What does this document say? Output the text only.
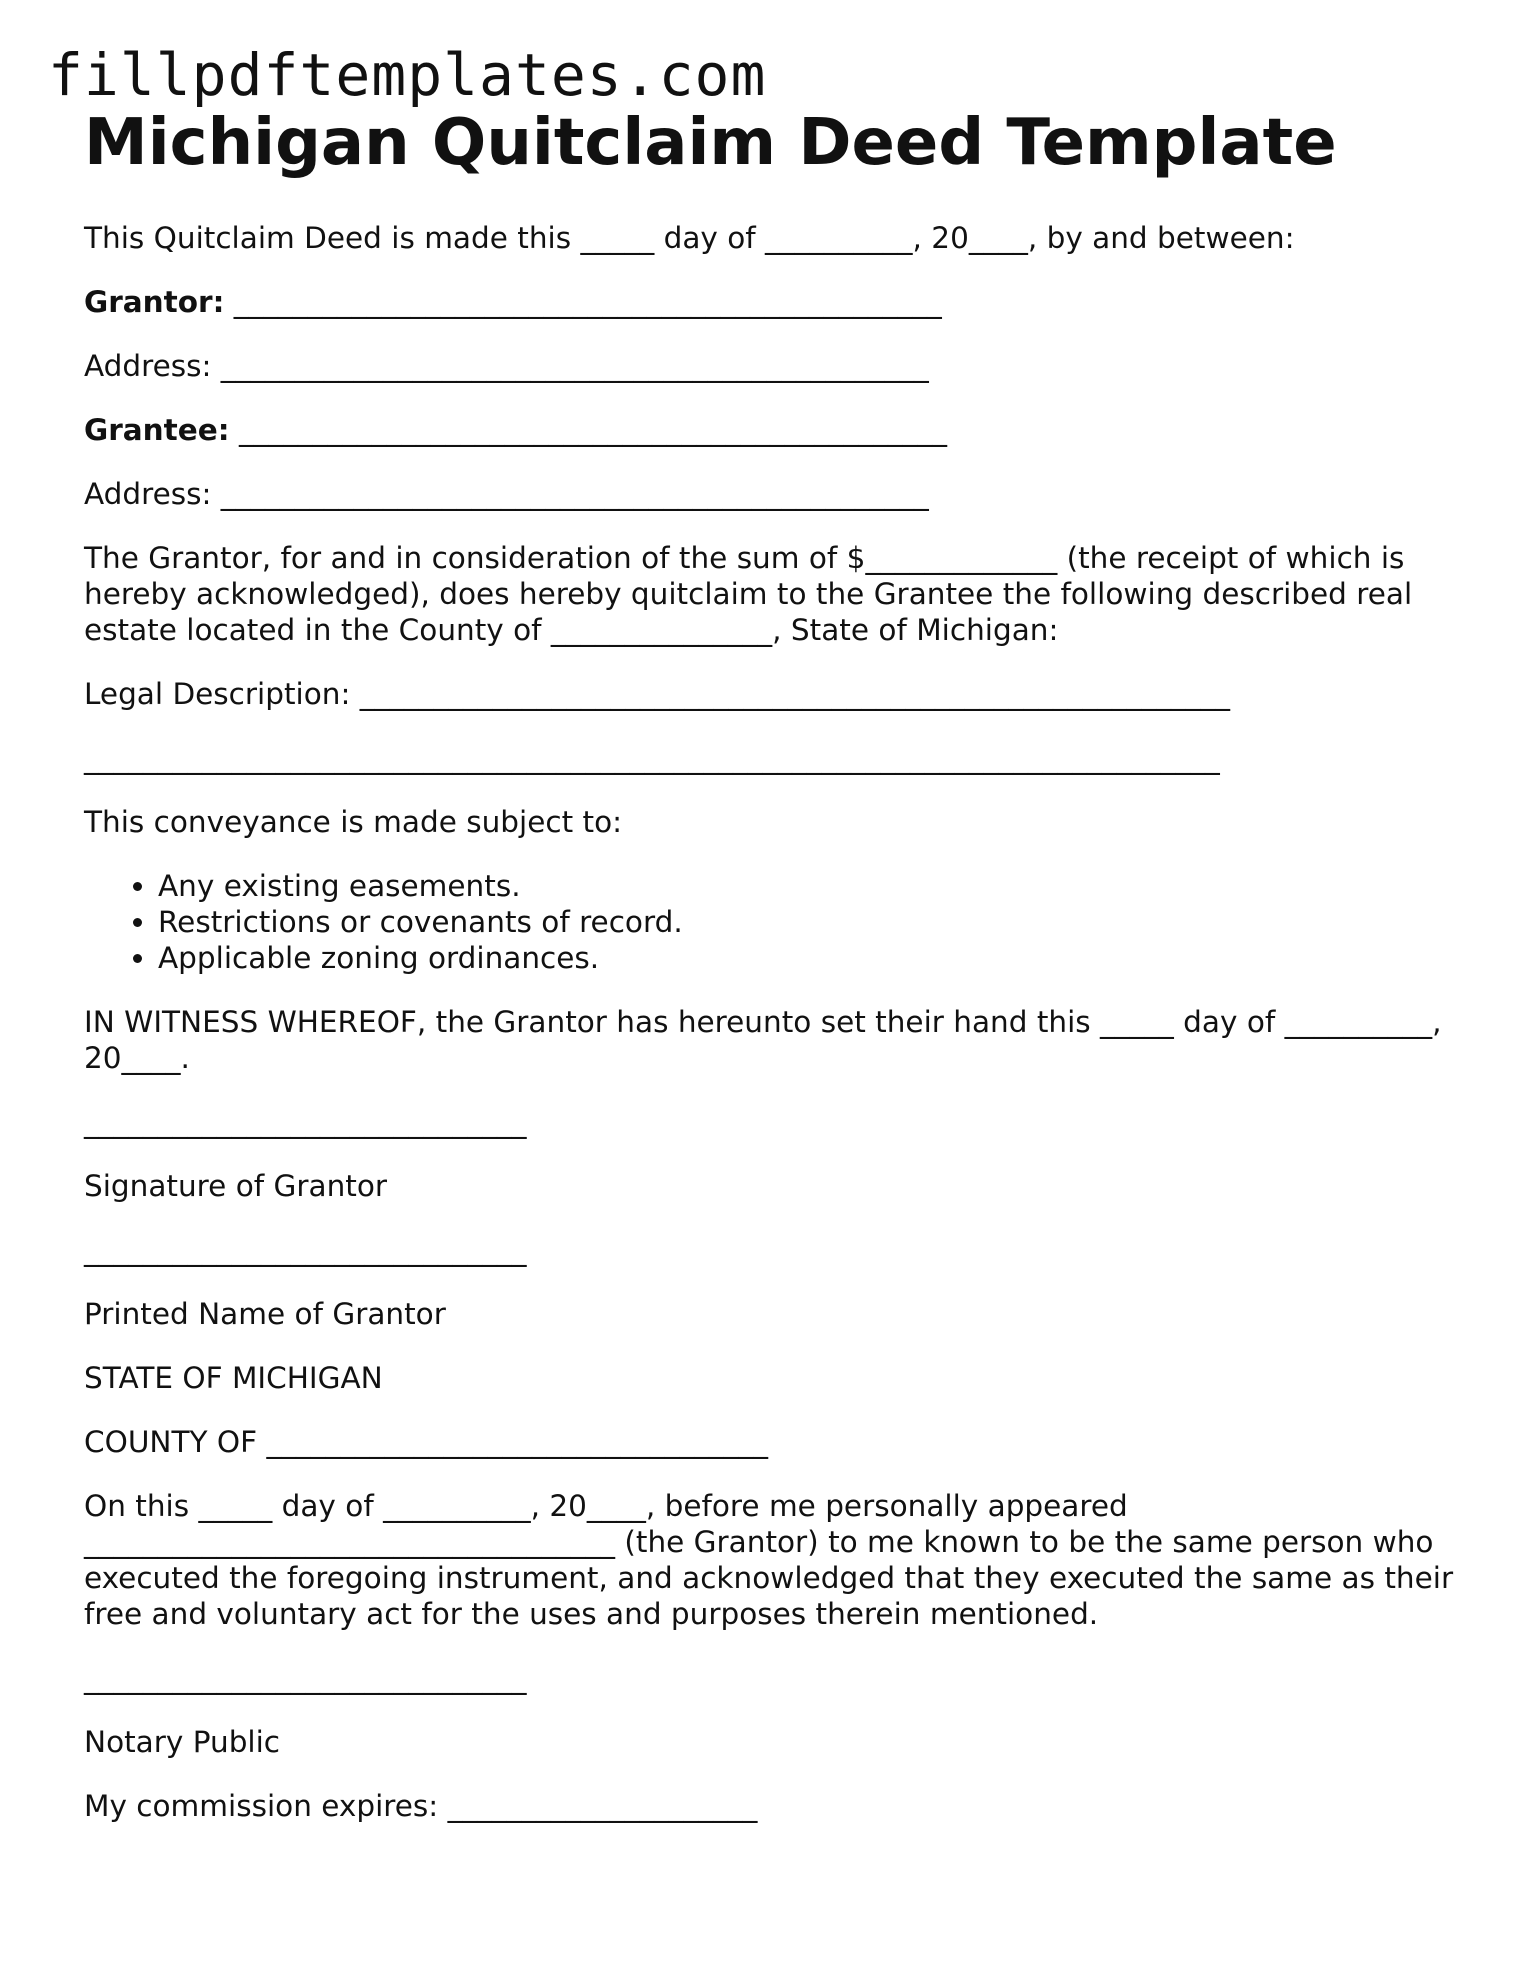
fillpdftemplates.com
Michigan Quitclaim Deed Template
This Quitclaim Deed is made this _____ day of __________, 20____, by and between:
Grantor: ________________________________________________
Address: ________________________________________________
Grantee: ________________________________________________
Address: ________________________________________________
The Grantor, for and in consideration of the sum of $_____________ (the receipt of which is hereby acknowledged), does hereby quitclaim to the Grantee the following described real estate located in the County of _______________, State of Michigan:
Legal Description: ___________________________________________________________
_____________________________________________________________________________
This conveyance is made subject to:
• Any existing easements.
• Restrictions or covenants of record.
• Applicable zoning ordinances.
IN WITNESS WHEREOF, the Grantor has hereunto set their hand this _____ day of __________, 20____.
______________________________
Signature of Grantor
______________________________
Printed Name of Grantor
STATE OF MICHIGAN
COUNTY OF __________________________________
On this _____ day of __________, 20____, before me personally appeared ____________________________________ (the Grantor) to me known to be the same person who executed the foregoing instrument, and acknowledged that they executed the same as their free and voluntary act for the uses and purposes therein mentioned.
______________________________
Notary Public
My commission expires: _____________________
